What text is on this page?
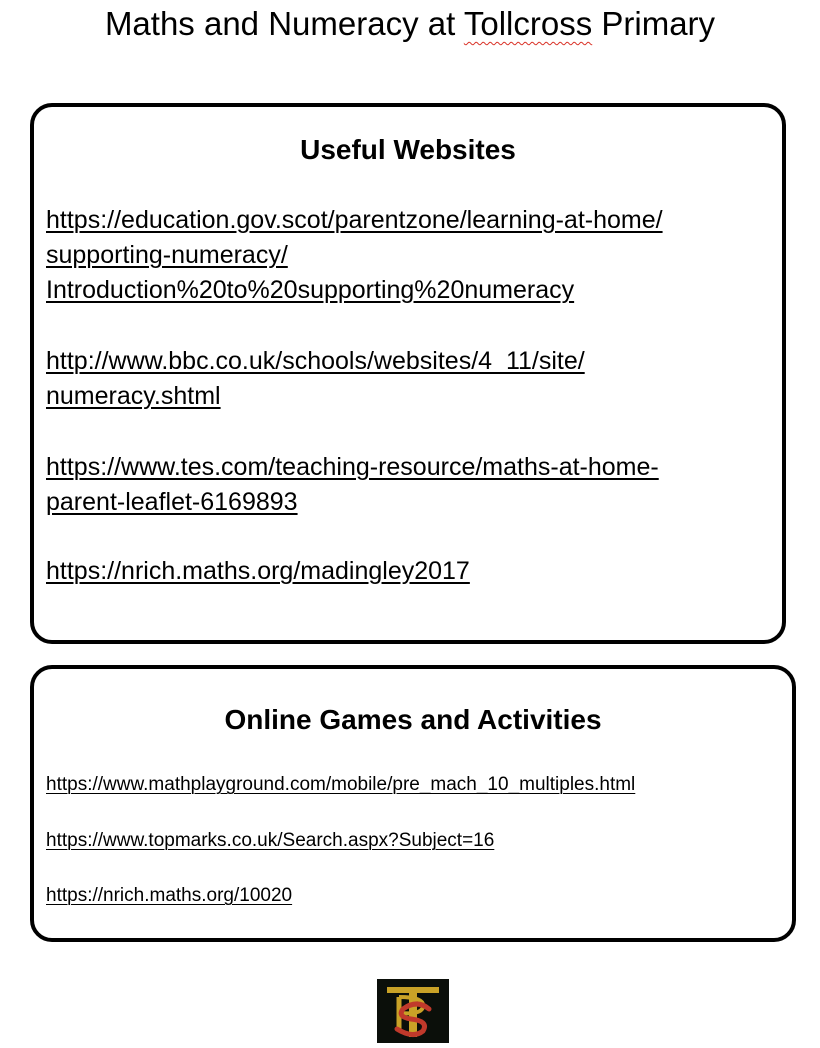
Maths and Numeracy at Tollcross Primary
Useful Websites
https://education.gov.scot/parentzone/learning-at-home/
supporting-numeracy/
Introduction%20to%20supporting%20numeracy
http://www.bbc.co.uk/schools/websites/4_11/site/
numeracy.shtml
https://www.tes.com/teaching-resource/maths-at-home-
parent-leaflet-6169893
https://nrich.maths.org/madingley2017
Online Games and Activities
https://www.mathplayground.com/mobile/pre_mach_10_multiples.html
https://www.topmarks.co.uk/Search.aspx?Subject=16
https://nrich.maths.org/10020
